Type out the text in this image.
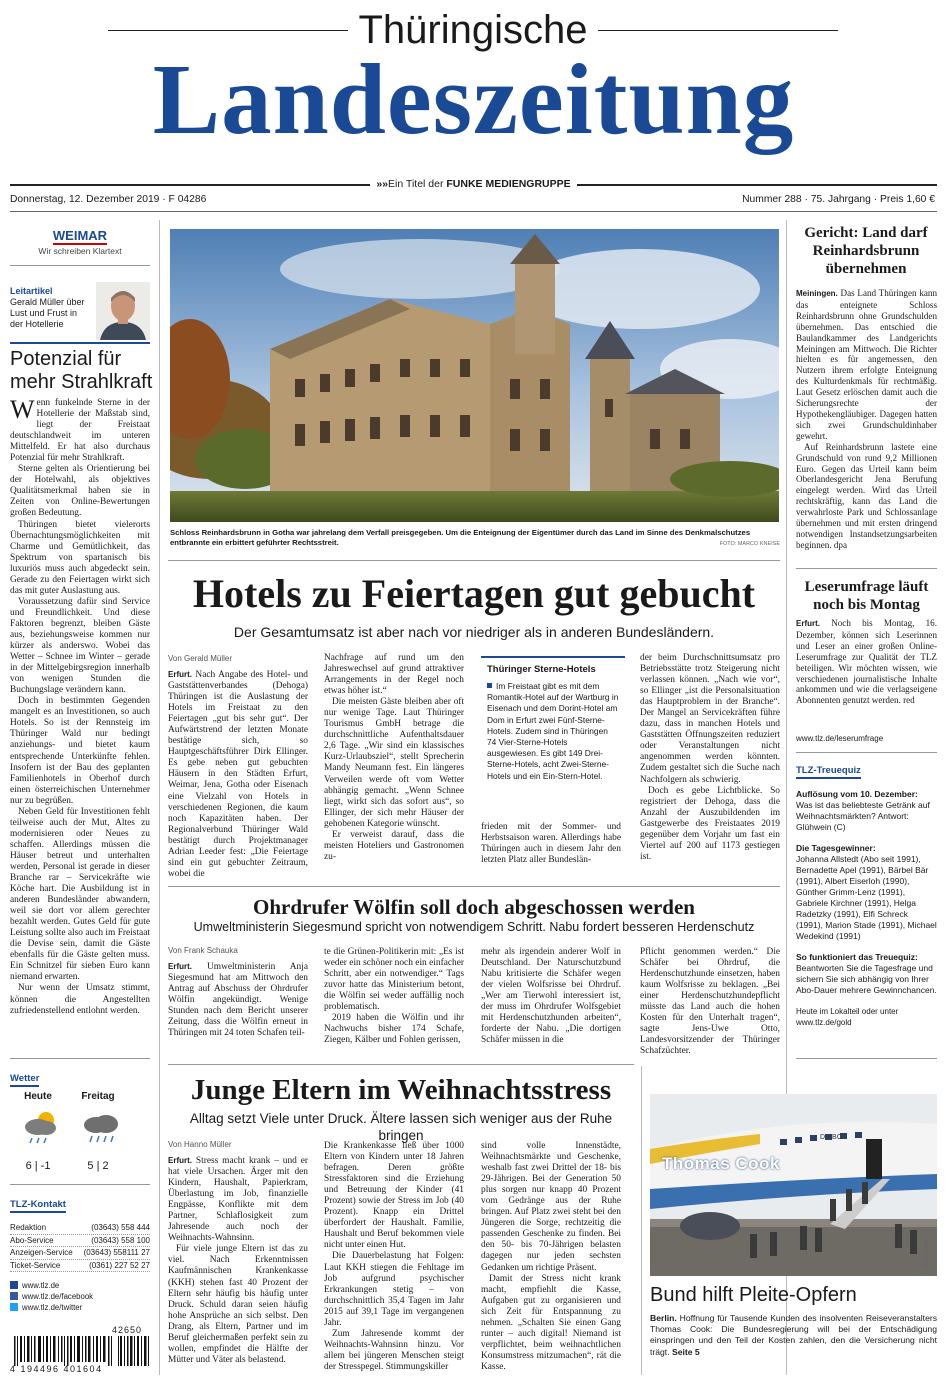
Thüringische
Landeszeitung
»»Ein Titel der FUNKE MEDIENGRUPPE
Donnerstag, 12. Dezember 2019 · F 04286	Nummer 288 · 75. Jahrgang · Preis 1,60 €
WEIMAR
Wir schreiben Klartext
Leitartikel
Gerald Müller über Lust und Frust in der Hotellerie
Potenzial für mehr Strahlkraft

Wenn funkelnde Sterne in der Hotellerie der Maßstab sind, liegt der Freistaat deutschlandweit im unteren Mittelfeld. Er hat also durchaus Potenzial für mehr Strahlkraft.

Sterne gelten als Orientierung bei der Hotelwahl, als objektives Qualitätsmerkmal haben sie in Zeiten von Online-Bewertungen großen Bedeutung.

Thüringen bietet vielerorts Übernachtungsmöglichkeiten mit Charme und Gemütlichkeit, das Spektrum von spartanisch bis luxuriös muss auch abgedeckt sein. Gerade zu den Feiertagen wirkt sich das mit guter Auslastung aus.

Voraussetzung dafür sind Service und Freundlichkeit. Und diese Faktoren begrenzt, bleiben Gäste aus, beziehungsweise kommen nur kürzer als anderswo. Wobei das Wetter – Schnee im Winter – gerade in der Mittelgebirgsregion innerhalb von wenigen Stunden die Buchungslage verändern kann.

Doch in bestimmten Gegenden mangelt es an Investitionen, so auch Hotels. So ist der Rennsteig im Thüringer Wald nur bedingt anziehungs- und bietet kaum entsprechende Unterkünfte fehlen. Insofern ist der Bau des geplanten Familienhotels in Oberhof durch einen österreichischen Unternehmer nur zu begrüßen.

Neben Geld für Investitionen fehlt teilweise auch der Mut, Altes zu modernisieren oder Neues zu schaffen. Allerdings müssen die Häuser betreut und unterhalten werden, Personal ist gerade in dieser Branche rar – Servicekräfte wie Köche hart. Die Ausbildung ist in anderen Bundesländer abwandern, weil sie dort vor allem gerechter bezahlt werden. Gutes Geld für gute Leistung sollte also auch im Freistaat die Devise sein, damit die Gäste ebenfalls für die Gäste gelten muss. Ein Schnitzel für sieben Euro kann niemand erwarten.

Nur wenn der Umsatz stimmt, können die Angestellten zufriedenstellend entlohnt werden.

Wetter
Heute	Freitag
6 | -1	5 | 2
TLZ-Kontakt
Redaktion	(03643) 558 444
Abo-Service	(03643) 558 100
Anzeigen-Service (03643) 558111 27
Ticket-Service	(0361) 227 52 27
www.tlz.de
www.tlz.de/facebook
www.tlz.de/twitter
42650
4 194496 401604
Schloss Reinhardsbrunn in Gotha war jahrelang dem Verfall preisgegeben. Um die Enteignung der Eigentümer durch das Land im Sinne des Denkmalschutzes entbrannte ein erbittert geführter Rechtsstreit.	FOTO: MARCO KNEISE
Gericht: Land darf Reinhardsbrunn übernehmen

Meiningen. Das Land Thüringen kann das enteignete Schloss Reinhardsbrunn ohne Grundschulden übernehmen. Das entschied die Baulandkammer des Landgerichts Meiningen am Mittwoch. Die Richter hielten es für angemessen, den Nutzern ihrem erfolgte Enteignung des Kulturdenkmals für rechtmäßig. Laut Gesetz erlöschen damit auch die Sicherungsrechte der Hypothekengläubiger. Dagegen hatten sich zwei Grundschuldinhaber gewehrt.

Auf Reinhardsbrunn lastete eine Grundschuld von rund 9,2 Millionen Euro. Gegen das Urteil kann beim Oberlandesgericht Jena Berufung eingelegt werden. Wird das Urteil rechtskräftig, kann das Land die verwahrloste Park und Schlossanlage übernehmen und mit ersten dringend notwendigen Instandsetzungsarbeiten beginnen. dpa

Hotels zu Feiertagen gut gebucht
Der Gesamtumsatz ist aber nach vor niedriger als in anderen Bundesländern.

Von Gerald Müller

Erfurt. Nach Angabe des Hotel- und Gaststättenverbandes (Dehoga) Thüringen ist die Auslastung der Hotels im Freistaat zu den Feiertagen „gut bis sehr gut“. Der Aufwärtstrend der letzten Monate bestätige sich, so Hauptgeschäftsführer Dirk Ellinger. Es gebe neben gut gebuchten Häusern in den Städten Erfurt, Weimar, Jena, Gotha oder Eisenach eine Vielzahl von Hotels in verschiedenen Regionen, die kaum noch Kapazitäten haben. Der Regionalverbund Thüringer Wald bestätigt durch Projektmanager Adrian Leeder fest: „Die Feiertage sind ein gut gebuchter Zeitraum, wobei die

Nachfrage auf rund um den Jahreswechsel auf grund attraktiver Arrangements in der Regel noch etwas höher ist.“

Die meisten Gäste bleiben aber oft nur wenige Tage. Laut Thüringer Tourismus GmbH betrage die durchschnittliche Aufenthaltsdauer 2,6 Tage. „Wir sind ein klassisches Kurz-Urlaubsziel“, stellt Sprecherin Mandy Neumann fest. Ein längeres Verweilen werde oft vom Wetter abhängig gemacht. „Wenn Schnee liegt, wirkt sich das sofort aus“, so Ellinger, der sich mehr Häuser der gehobenen Kategorie wünscht.

Er verweist darauf, dass die meisten Hoteliers und Gastronomen zu-

Thüringer Sterne-Hotels
Im Freistaat gibt es mit dem Romantik-Hotel auf der Wartburg in Eisenach und dem Dorint-Hotel am Dom in Erfurt zwei Fünf-Sterne-Hotels. Zudem sind in Thüringen 74 Vier-Sterne-Hotels ausgewiesen. Es gibt 149 Drei-Sterne-Hotels, acht Zwei-Sterne-Hotels und ein Ein-Stern-Hotel.

frieden mit der Sommer- und Herbstsaison waren. Allerdings habe Thüringen auch in diesem Jahr den letzten Platz aller Bundeslän-

der beim Durchschnittsumsatz pro Betriebsstätte trotz Steigerung nicht verlassen können. „Nach wie vor“, so Ellinger „ist die Personalsituation das Hauptproblem in der Branche“. Der Mangel an Servicekräften führe dazu, dass in manchen Hotels und Gaststätten Öffnungszeiten reduziert oder Veranstaltungen nicht angenommen werden könnten. Zudem gestaltet sich die Suche nach Nachfolgern als schwierig.

Doch es gebe Lichtblicke. So registriert der Dehoga, dass die Anzahl der Auszubildenden im Gastgewerbe des Freistaates 2019 gegenüber dem Vorjahr um fast ein Viertel auf 200 auf 1173 gestiegen ist.

Leserumfrage läuft noch bis Montag

Erfurt. Noch bis Montag, 16. Dezember, können sich Leserinnen und Leser an einer großen Online-Leserumfrage zur Qualität der TLZ beteiligen. Wir möchten wissen, wie verschiedenen journalistische Inhalte ankommen und wie die verlagseigene Abonnenten genutzt werden. red

www.tlz.de/leserumfrage
TLZ-Treuequiz
Auflösung vom 10. Dezember:
Was ist das beliebteste Getränk auf Weihnachtsmärkten? Antwort: Glühwein (C)
Die Tagesgewinner:
Johanna Allstedt (Abo seit 1991), Bernadette Apel (1991), Bärbel Bär (1991), Albert Eiserloh (1990), Günther Grimm-Lenz (1991), Gabriele Kirchner (1991), Helga Radetzky (1991), Elfi Schreck (1991), Marion Stade (1991), Michael Wedekind (1991)
So funktioniert das Treuequiz:
Beantworten Sie die Tagesfrage und sichern Sie sich abhängig von Ihrer Abo-Dauer mehrere Gewinnchancen.
Heute im Lokalteil oder unter
www.tlz.de/gold
Ohrdrufer Wölfin soll doch abgeschossen werden
Umweltministerin Siegesmund spricht von notwendigem Schritt. Nabu fordert besseren Herdenschutz

Von Frank Schauka

Erfurt. Umweltministerin Anja Siegesmund hat am Mittwoch den Antrag auf Abschuss der Ohrdrufer Wölfin angekündigt. Wenige Stunden nach dem Bericht unserer Zeitung, dass die Wölfin erneut in Thüringen mit 24 toten Schafen teil-

te die Grünen-Politikerin mit: „Es ist weder ein schöner noch ein einfacher Schritt, aber ein notwendiger.“ Tags zuvor hatte das Ministerium betont, die Wölfin sei weder auffällig noch problematisch.

2019 haben die Wölfin und ihr Nachwuchs bisher 174 Schafe, Ziegen, Kälber und Fohlen gerissen,

mehr als irgendein anderer Wolf in Deutschland. Der Naturschutzbund Nabu kritisierte die Schäfer wegen der vielen Wolfsrisse bei Ohrdruf. „Wer am Tierwohl interessiert ist, der muss im Ohrdrufer Wolfsgebiet mit Herdenschutzhunden arbeiten“, forderte der Nabu. „Die dortigen Schäfer müssen in die

Pflicht genommen werden.“ Die Schäfer bei Ohrdruf, die Herdenschutzhunde einsetzen, haben kaum Wolfsrisse zu beklagen. „Bei einer Herdenschutzhundepflicht müsste das Land auch die hohen Kosten für den Unterhalt tragen“, sagte Jens-Uwe Otto, Landesvorsitzender der Thüringer Schafzüchter.

Junge Eltern im Weihnachtsstress
Alltag setzt Viele unter Druck. Ältere lassen sich weniger aus der Ruhe bringen

Von Hanno Müller

Erfurt. Stress macht krank – und er hat viele Ursachen. Ärger mit den Kindern, Haushalt, Papierkram, Überlastung im Job, finanzielle Engpässe, Konflikte mit dem Partner, Schlaflosigkeit zum Jahresende auch noch der Weihnachts-Wahnsinn.

Für viele junge Eltern ist das zu viel. Nach Erkenntnissen Kaufmännischen Krankenkasse (KKH) stehen fast 40 Prozent der Eltern sehr häufig bis häufig unter Druck. Schuld daran seien häufig hohe Ansprüche an sich selbst. Den Drang, als Eltern, Partner und im Beruf gleichermaßen perfekt sein zu wollen, empfindet die Hälfte der Mütter und Väter als belastend.

Die Krankenkasse ließ über 1000 Eltern von Kindern unter 18 Jahren befragen. Deren größte Stressfaktoren sind die Erziehung und Betreuung der Kinder (41 Prozent) sowie der Stress im Job (40 Prozent). Knapp ein Drittel überfordert der Haushalt. Familie, Haushalt und Beruf bekommen viele nicht unter einen Hut.

Die Dauerbelastung hat Folgen: Laut KKH stiegen die Fehltage im Job aufgrund psychischer Erkrankungen stetig – von durchschnittlich 35,4 Tagen im Jahr 2015 auf 39,1 Tage im vergangenen Jahr.

Zum Jahresende kommt der Weihnachts-Wahnsinn hinzu. Vor allem bei jüngeren Menschen steigt der Stresspegel. Stimmungskiller

sind volle Innenstädte, Weihnachtsmärkte und Geschenke, weshalb fast zwei Drittel der 18- bis 29-Jährigen. Bei der Generation 50 plus sorgen nur knapp 40 Prozent vom Gedränge aus der Ruhe bringen. Auf Platz zwei steht bei den Jüngeren die Sorge, rechtzeitig die passenden Geschenke zu finden. Bei den 50- bis 70-Jährigen belasten dagegen nur jeden sechsten Gedanken um richtige Präsent.

Damit der Stress nicht krank macht, empfiehlt die Kasse, Aufgaben gut zu organisieren und sich Zeit für Entspannung zu nehmen. „Schalten Sie einen Gang runter – auch digital! Niemand ist verpflichtet, beim weihnachtlichen Konsumstress mitzumachen“, rät die Kasse.

Thomas Cook
D-ABO
FOTO: DPA
Bund hilft Pleite-Opfern
Berlin. Hoffnung für Tausende Kunden des insolventen Reiseveranstalters Thomas Cook: Die Bundesregierung will bei der Entschädigung einspringen und den Teil der Kosten zahlen, den die Versicherung nicht trägt. Seite 5
